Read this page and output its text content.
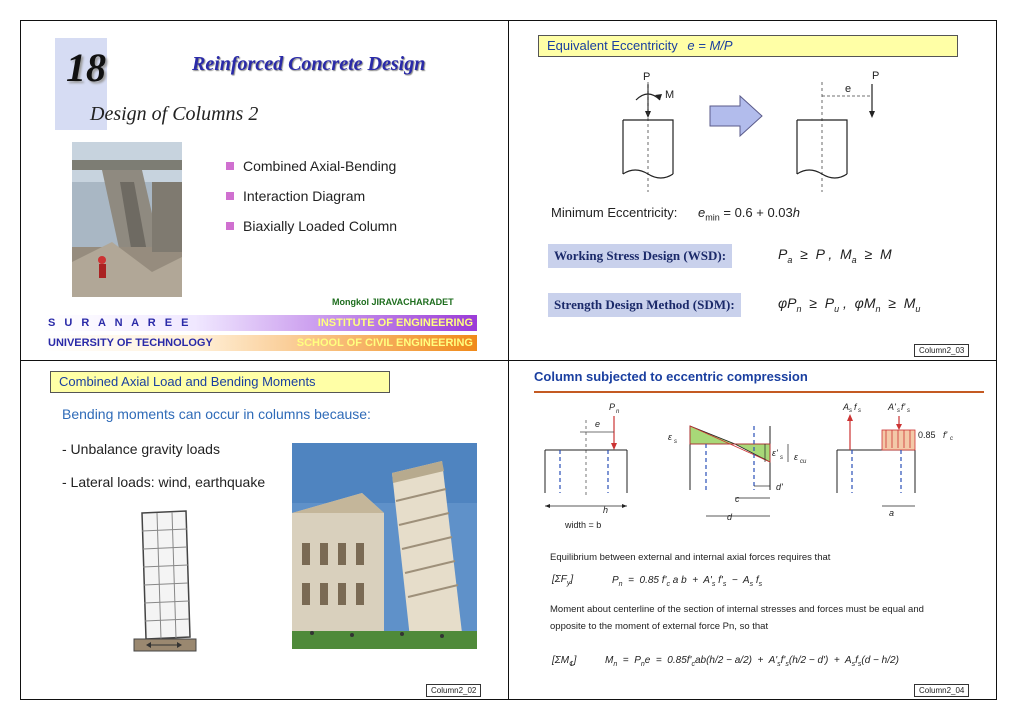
18	Reinforced Concrete Design
Design of Columns 2
Combined Axial-Bending
Interaction Diagram
Biaxially Loaded Column
Mongkol JIRAVACHARADET
S U R A N A R E E
UNIVERSITY OF TECHNOLOGY
INSTITUTE OF ENGINEERING
SCHOOL OF CIVIL ENGINEERING
Combined Axial Load and Bending Moments
Bending moments can occur in columns because:
- Unbalance gravity loads
- Lateral loads: wind, earthquake
Column2_02
Equivalent Eccentricity e = M/P
P
M
P
e
Minimum Eccentricity: $e_{min} = 0.6 + 0.03h$
Working Stress Design (WSD):	$P_a \ge P$ ,  $M_a \ge M$
Strength Design Method (SDM):	$\varphi P_n \ge P_u$ ,  $\varphi M_n \ge M_u$
Column2_03
Column subjected to eccentric compression
P n
e
h
width = b
ε s
ε' s ε cu
d'
c
d
A s f s	A' s f' s
0.85 f' c
a
Equilibrium between external and internal axial forces requires that
$[\Sigma F_y]$	$P_n = 0.85$ $f'_c$ a $b + A'_s$ $f'_s - A_s$ $f_s$
Moment about centerline of the section of internal stresses and forces must be equal and opposite to the moment of external force Pn, so that
$[\Sigma M_℄]$	$M_n = P_ne = 0.85f'_cab(h/2 - a/2) + A'_sf'_s(h/2 - d') + A_sf_s(d - h/2)$
Column2_04
